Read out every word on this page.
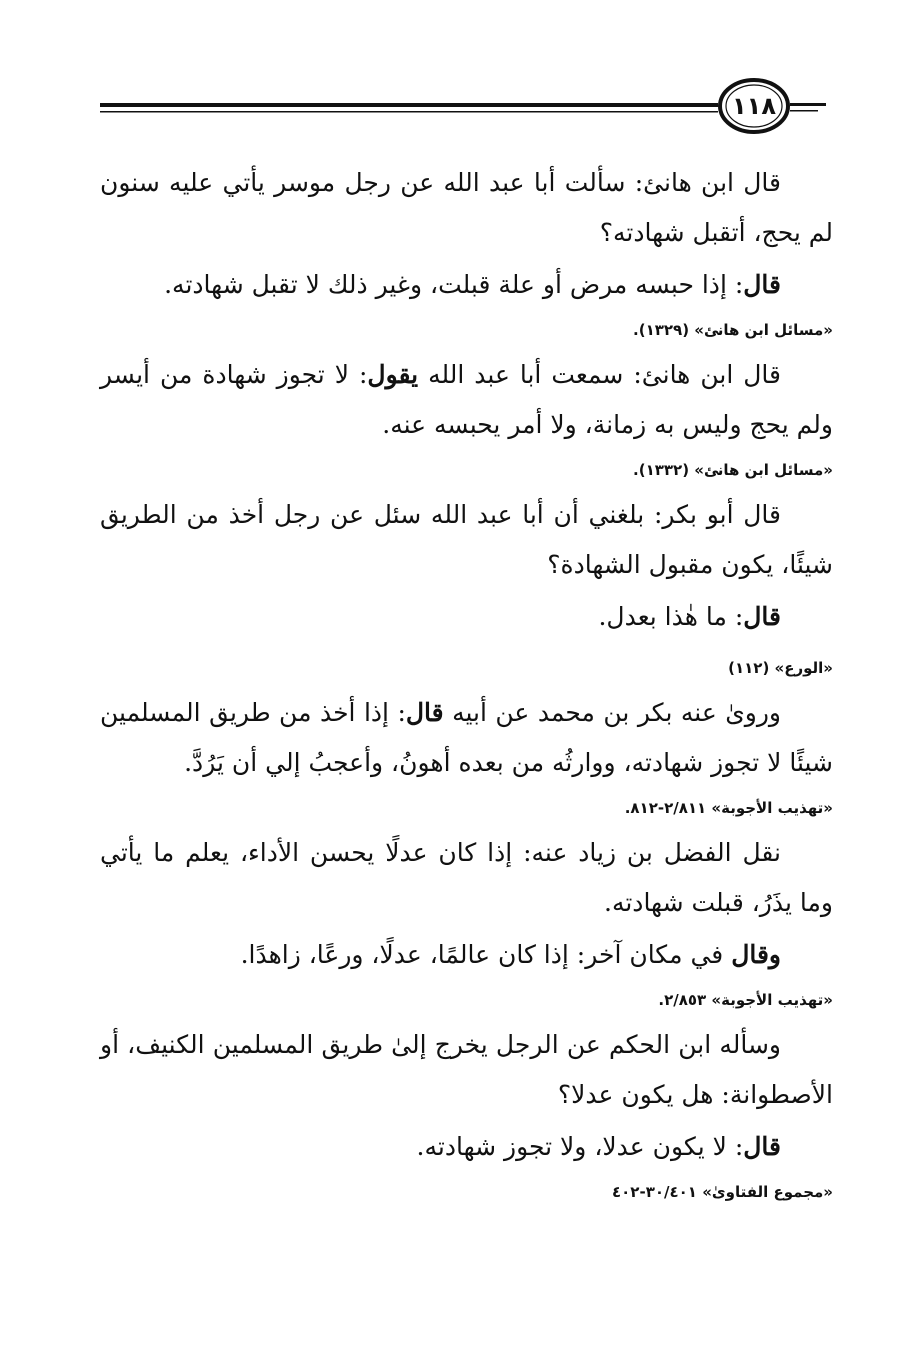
١١٨

قال ابن هانئ: سألت أبا عبد الله عن رجل موسر يأتي عليه سنون لم يحج، أتقبل شهادته؟

قال: إذا حبسه مرض أو علة قبلت، وغير ذلك لا تقبل شهادته.

«مسائل ابن هانئ» (١٣٢٩).

قال ابن هانئ: سمعت أبا عبد الله يقول: لا تجوز شهادة من أيسر ولم يحج وليس به زمانة، ولا أمر يحبسه عنه.

«مسائل ابن هانئ» (١٣٣٢).

قال أبو بكر: بلغني أن أبا عبد الله سئل عن رجل أخذ من الطريق شيئًا، يكون مقبول الشهادة؟

قال: ما هٰذا بعدل.

«الورع» (١١٢)

وروىٰ عنه بكر بن محمد عن أبيه قال: إذا أخذ من طريق المسلمين شيئًا لا تجوز شهادته، ووارثُه من بعده أهونُ، وأعجبُ إلي أن يَرُدَّ.

«تهذيب الأجوبة» ٢/٨١١-٨١٢.

نقل الفضل بن زياد عنه: إذا كان عدلًا يحسن الأداء، يعلم ما يأتي وما يذَرُ، قبلت شهادته.

وقال في مكان آخر: إذا كان عالمًا، عدلًا، ورعًا، زاهدًا.

«تهذيب الأجوبة» ٢/٨٥٣.

وسأله ابن الحكم عن الرجل يخرج إلىٰ طريق المسلمين الكنيف، أو الأصطوانة: هل يكون عدلا؟

قال: لا يكون عدلا، ولا تجوز شهادته.

«مجموع الفتاوىٰ» ٣٠/٤٠١-٤٠٢
